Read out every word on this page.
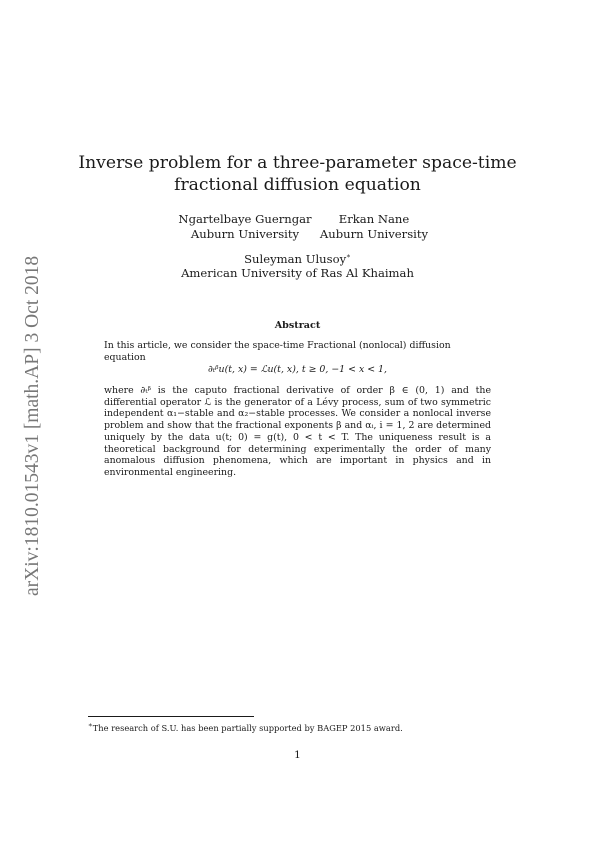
arXiv:1810.01543v1 [math.AP] 3 Oct 2018
Inverse problem for a three-parameter space-time fractional diffusion equation
Ngartelbaye Guerngar
Auburn University
Erkan Nane
Auburn University
Suleyman Ulusoy∗
American University of Ras Al Khaimah
Abstract
In this article, we consider the space-time Fractional (nonlocal) diffusion equation
∂ₜᵝu(t, x) = ℒu(t, x), t ≥ 0, −1 < x < 1,
where ∂ₜᵝ is the caputo fractional derivative of order β ∈ (0, 1) and the differential operator ℒ is the generator of a Lévy process, sum of two symmetric independent α₁−stable and α₂−stable processes. We consider a nonlocal inverse problem and show that the fractional exponents β and αᵢ, i = 1, 2 are determined uniquely by the data u(t; 0) = g(t), 0 < t < T. The uniqueness result is a theoretical background for determining experimentally the order of many anomalous diffusion phenomena, which are important in physics and in environmental engineering.
∗The research of S.U. has been partially supported by BAGEP 2015 award.
1
